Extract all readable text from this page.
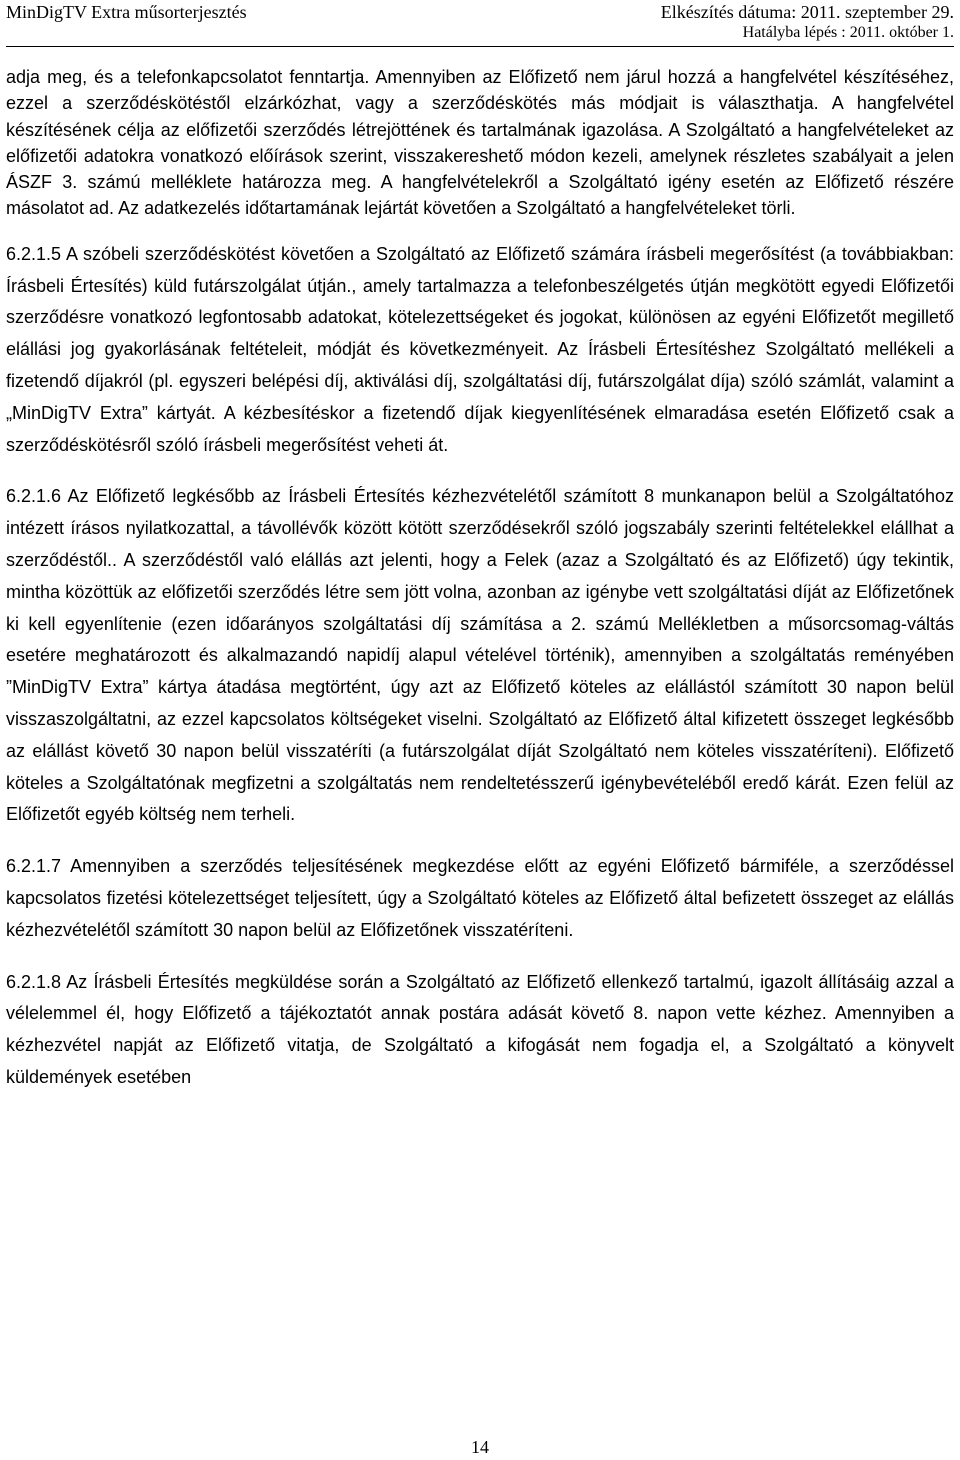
MinDigTV Extra műsorterjesztés	Elkészítés dátuma: 2011. szeptember 29.
Hatályba lépés : 2011. október 1.

adja meg, és a telefonkapcsolatot fenntartja. Amennyiben az Előfizető nem járul hozzá a hangfelvétel készítéséhez, ezzel a szerződéskötéstől elzárkózhat, vagy a szerződéskötés más módjait is választhatja. A hangfelvétel készítésének célja az előfizetői szerződés létrejöttének és tartalmának igazolása. A Szolgáltató a hangfelvételeket az előfizetői adatokra vonatkozó előírások szerint, visszakereshető módon kezeli, amelynek részletes szabályait a jelen ÁSZF 3. számú melléklete határozza meg. A hangfelvételekről a Szolgáltató igény esetén az Előfizető részére másolatot ad. Az adatkezelés időtartamának lejártát követően a Szolgáltató a hangfelvételeket törli.

6.2.1.5 A szóbeli szerződéskötést követően a Szolgáltató az Előfizető számára írásbeli megerősítést (a továbbiakban: Írásbeli Értesítés) küld futárszolgálat útján., amely tartalmazza a telefonbeszélgetés útján megkötött egyedi Előfizetői szerződésre vonatkozó legfontosabb adatokat, kötelezettségeket és jogokat, különösen az egyéni Előfizetőt megillető elállási jog gyakorlásának feltételeit, módját és következményeit. Az Írásbeli Értesítéshez Szolgáltató mellékeli a fizetendő díjakról (pl. egyszeri belépési díj, aktiválási díj, szolgáltatási díj, futárszolgálat díja) szóló számlát, valamint a „MinDigTV Extra” kártyát. A kézbesítéskor a fizetendő díjak kiegyenlítésének elmaradása esetén Előfizető csak a szerződéskötésről szóló írásbeli megerősítést veheti át.

6.2.1.6 Az Előfizető legkésőbb az Írásbeli Értesítés kézhezvételétől számított 8 munkanapon belül a Szolgáltatóhoz intézett írásos nyilatkozattal, a távollévők között kötött szerződésekről szóló jogszabály szerinti feltételekkel elállhat a szerződéstől.. A szerződéstől való elállás azt jelenti, hogy a Felek (azaz a Szolgáltató és az Előfizető) úgy tekintik, mintha közöttük az előfizetői szerződés létre sem jött volna, azonban az igénybe vett szolgáltatási díját az Előfizetőnek ki kell egyenlítenie (ezen időarányos szolgáltatási díj számítása a 2. számú Mellékletben a műsorcsomag-váltás esetére meghatározott és alkalmazandó napidíj alapul vételével történik), amennyiben a szolgáltatás reményében ”MinDigTV Extra” kártya átadása megtörtént, úgy azt az Előfizető köteles az elállástól számított 30 napon belül visszaszolgáltatni, az ezzel kapcsolatos költségeket viselni. Szolgáltató az Előfizető által kifizetett összeget legkésőbb az elállást követő 30 napon belül visszatéríti (a futárszolgálat díját Szolgáltató nem köteles visszatéríteni). Előfizető köteles a Szolgáltatónak megfizetni a szolgáltatás nem rendeltetésszerű igénybevételéből eredő kárát. Ezen felül az Előfizetőt egyéb költség nem terheli.

6.2.1.7 Amennyiben a szerződés teljesítésének megkezdése előtt az egyéni Előfizető bármiféle, a szerződéssel kapcsolatos fizetési kötelezettséget teljesített, úgy a Szolgáltató köteles az Előfizető által befizetett összeget az elállás kézhezvételétől számított 30 napon belül az Előfizetőnek visszatéríteni.

6.2.1.8 Az Írásbeli Értesítés megküldése során a Szolgáltató az Előfizető ellenkező tartalmú, igazolt állításáig azzal a vélelemmel él, hogy Előfizető a tájékoztatót annak postára adását követő 8. napon vette kézhez. Amennyiben a kézhezvétel napját az Előfizető vitatja, de Szolgáltató a kifogását nem fogadja el, a Szolgáltató a könyvelt küldemények esetében

14
